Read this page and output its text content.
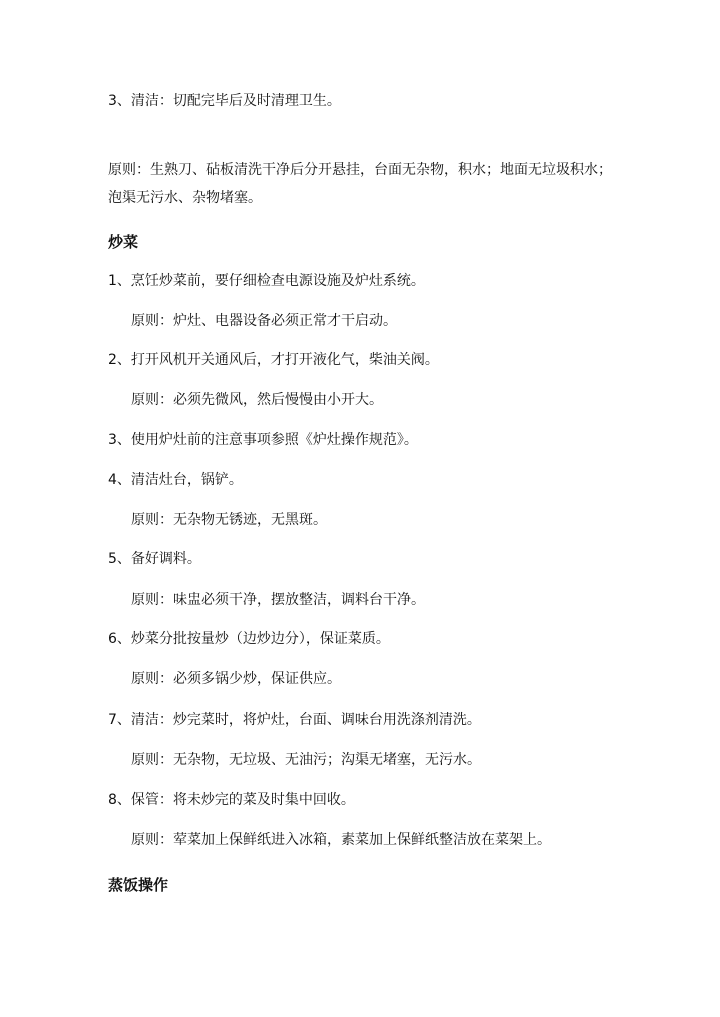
3、清洁：切配完毕后及时清理卫生。

原则：生熟刀、砧板清洗干净后分开悬挂，台面无杂物，积水；地面无垃圾积水；泡渠无污水、杂物堵塞。

炒菜

1、烹饪炒菜前，要仔细检查电源设施及炉灶系统。

原则：炉灶、电器设备必须正常才干启动。

2、打开风机开关通风后，才打开液化气，柴油关阀。

原则：必须先微风，然后慢慢由小开大。

3、使用炉灶前的注意事项参照《炉灶操作规范》。

4、清洁灶台，锅铲。

原则：无杂物无锈迹，无黑斑。

5、备好调料。

原则：味盅必须干净，摆放整洁，调料台干净。

6、炒菜分批按量炒（边炒边分），保证菜质。

原则：必须多锅少炒，保证供应。

7、清洁：炒完菜时，将炉灶，台面、调味台用洗涤剂清洗。

原则：无杂物，无垃圾、无油污；沟渠无堵塞，无污水。

8、保管：将未炒完的菜及时集中回收。

原则：荤菜加上保鲜纸进入冰箱，素菜加上保鲜纸整洁放在菜架上。

蒸饭操作
